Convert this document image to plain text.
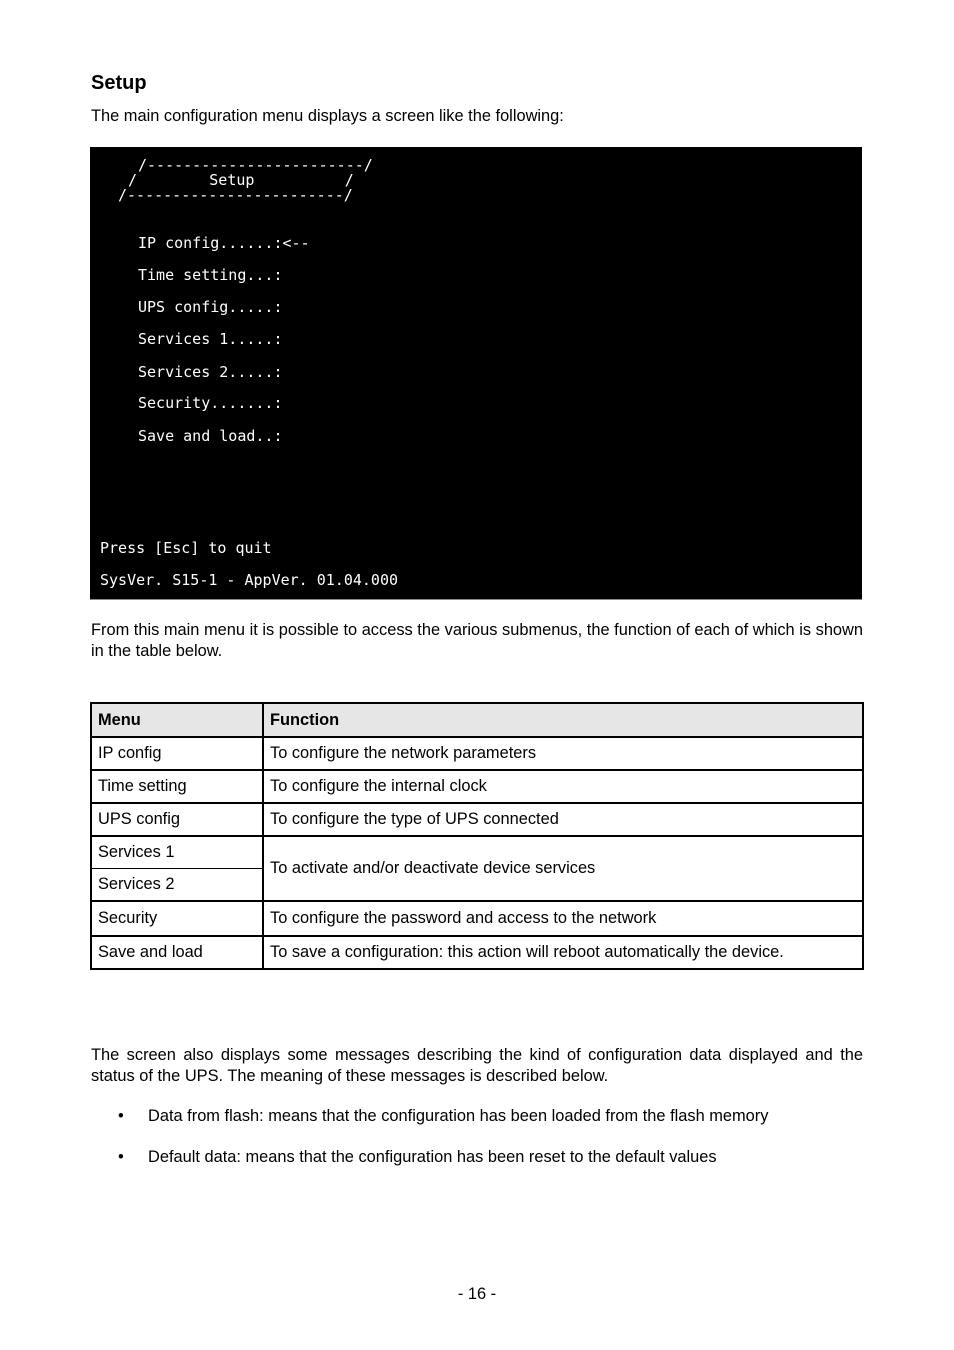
Setup
The main configuration menu displays a screen like the following:
/------------------------/
/        Setup          /
/------------------------/
IP config......:<--
Time setting...:
UPS config.....:
Services 1.....:
Services 2.....:
Security.......:
Save and load..:
Press [Esc] to quit
SysVer. S15-1 - AppVer. 01.04.000
From this main menu it is possible to access the various submenus, the function of each of which is shown in the table below.
Menu	Function
IP config	To configure the network parameters
Time setting	To configure the internal clock
UPS config	To configure the type of UPS connected
Services 1	To activate and/or deactivate device services
Services 2	
Security	To configure the password and access to the network
Save and load	To save a configuration: this action will reboot automatically the device.
The screen also displays some messages describing the kind of configuration data displayed and the status of the UPS. The meaning of these messages is described below.
• Data from flash: means that the configuration has been loaded from the flash memory
• Default data: means that the configuration has been reset to the default values
- 16 -
